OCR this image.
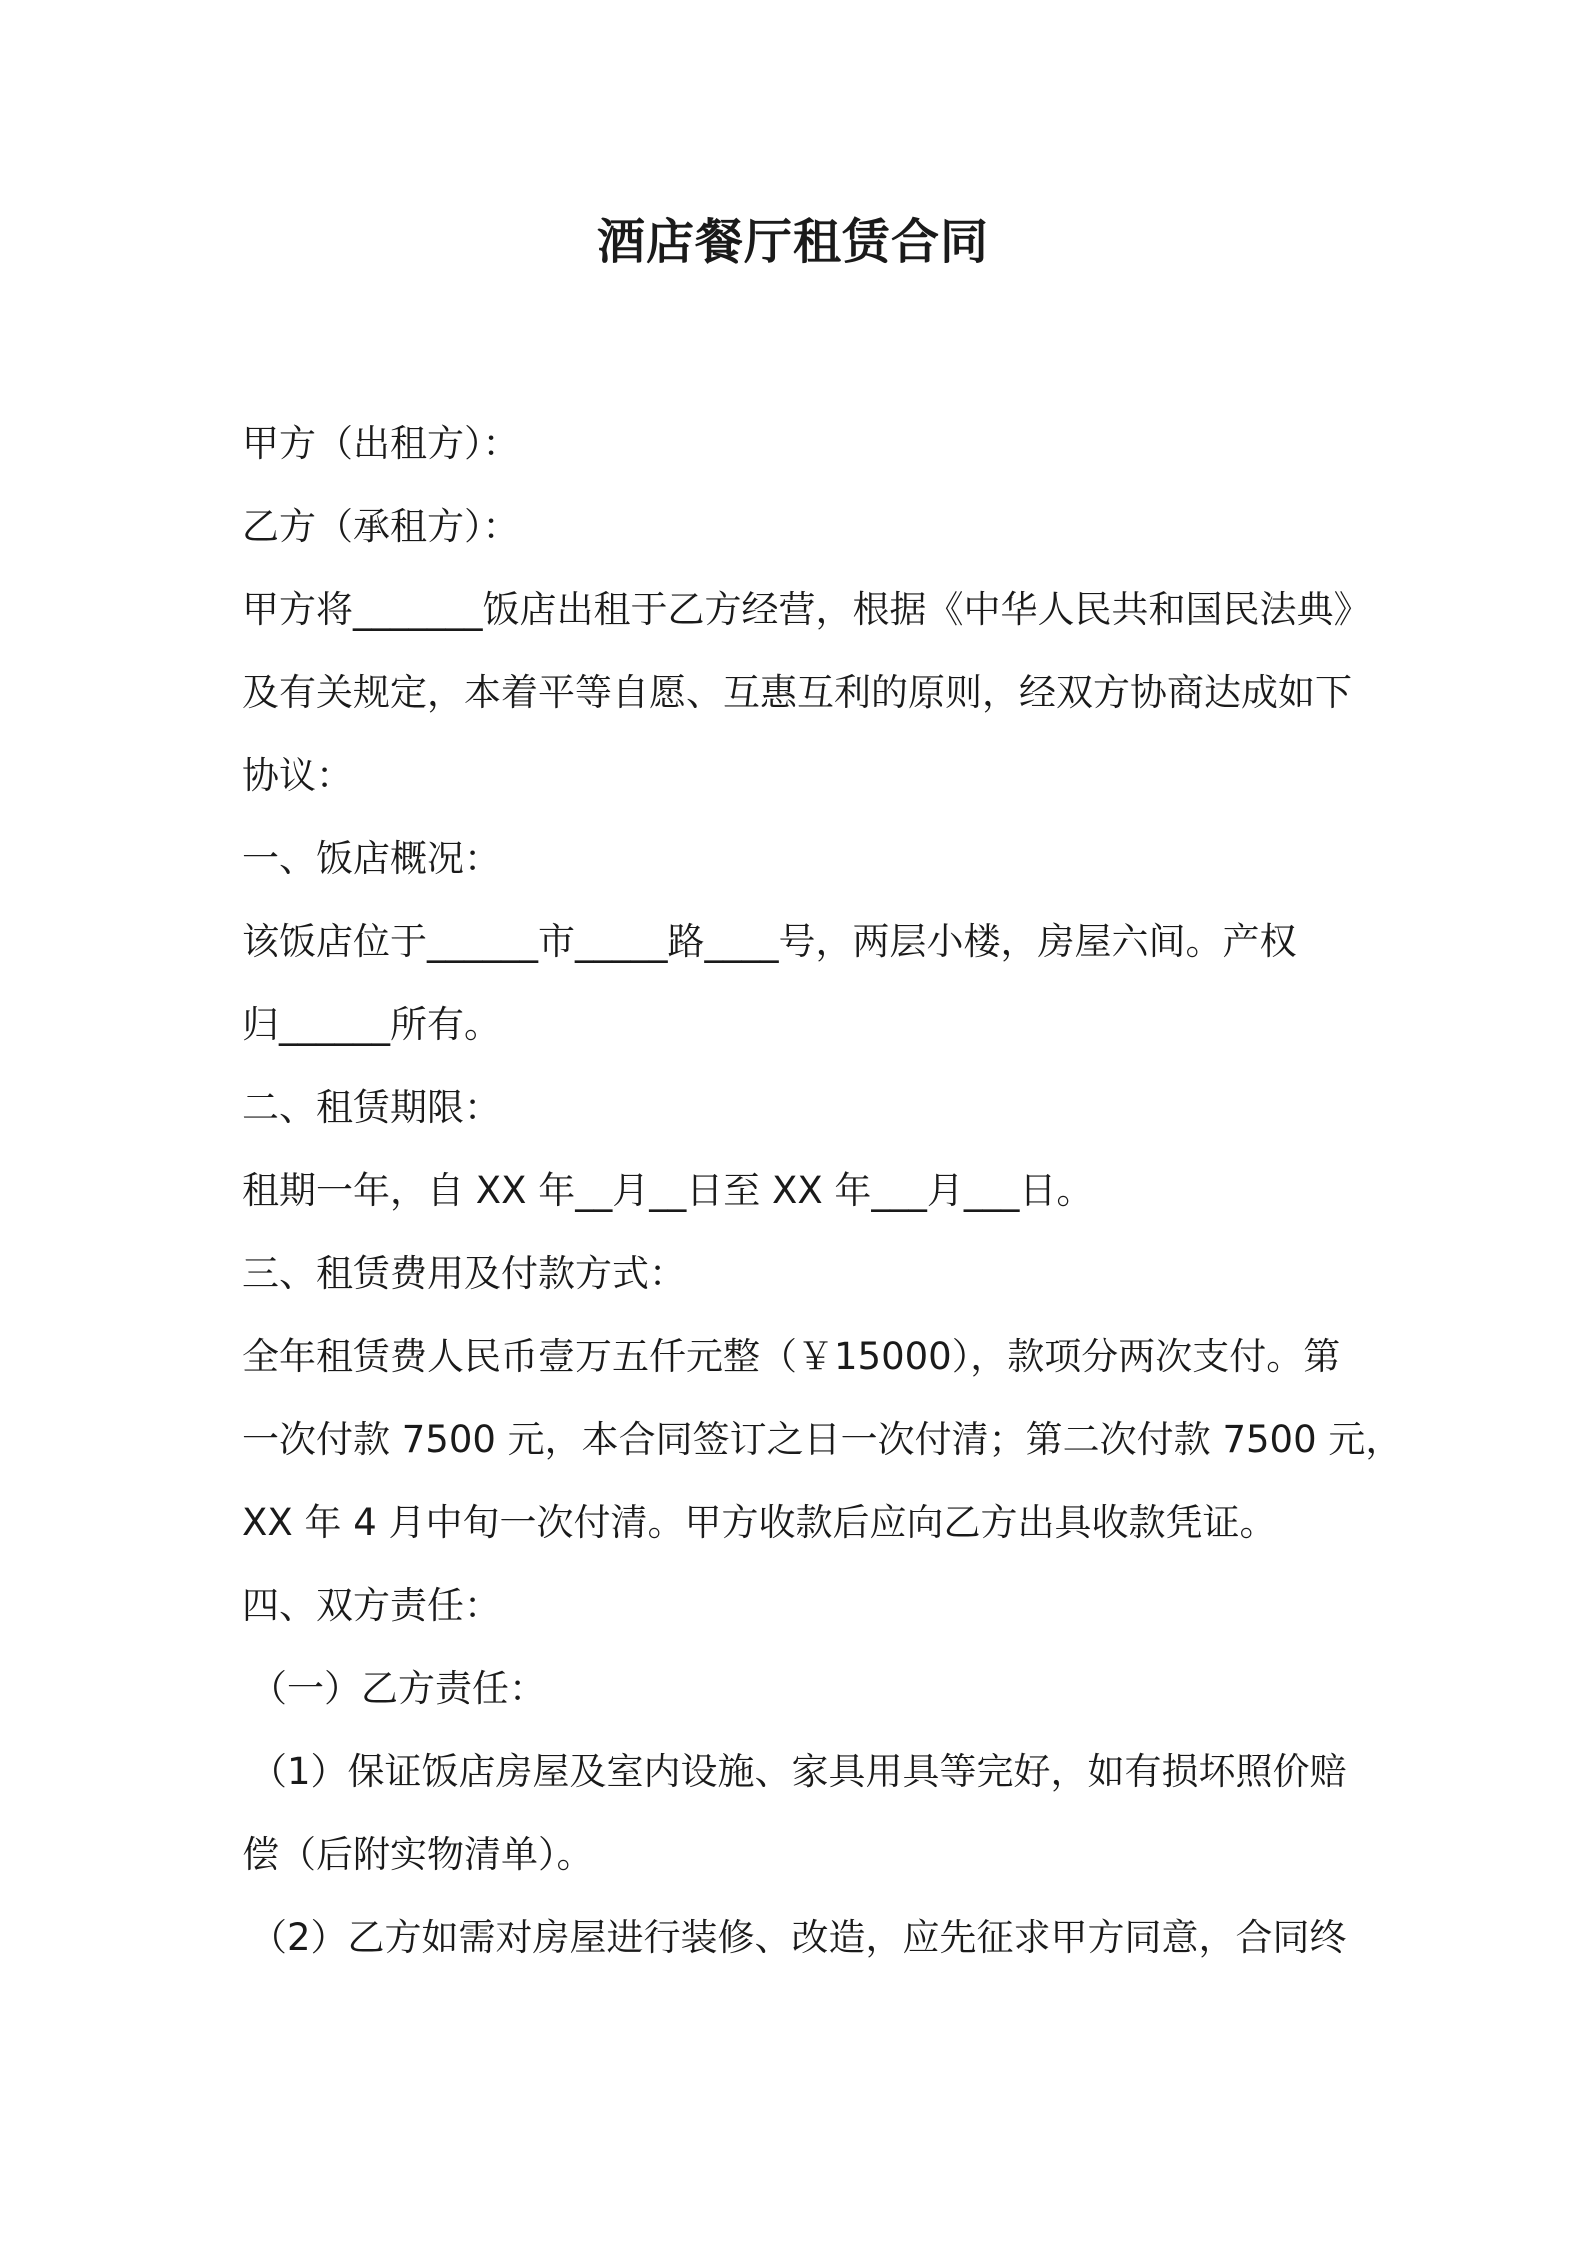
酒店餐厅租赁合同
甲方（出租方）：
乙方（承租方）：
甲方将_______饭店出租于乙方经营，根据《中华人民共和国民法典》
及有关规定，本着平等自愿、互惠互利的原则，经双方协商达成如下
协议：
一、饭店概况：
该饭店位于______市_____路____号，两层小楼，房屋六间。产权
归______所有。
二、租赁期限：
租期一年，自 XX 年__月__日至 XX 年___月___日。
三、租赁费用及付款方式：
全年租赁费人民币壹万五仟元整（￥15000），款项分两次支付。第
一次付款 7500 元，本合同签订之日一次付清；第二次付款 7500 元，
XX 年 4 月中旬一次付清。甲方收款后应向乙方出具收款凭证。
四、双方责任：
（一）乙方责任：
（1）保证饭店房屋及室内设施、家具用具等完好，如有损坏照价赔
偿（后附实物清单）。
（2）乙方如需对房屋进行装修、改造，应先征求甲方同意，合同终
